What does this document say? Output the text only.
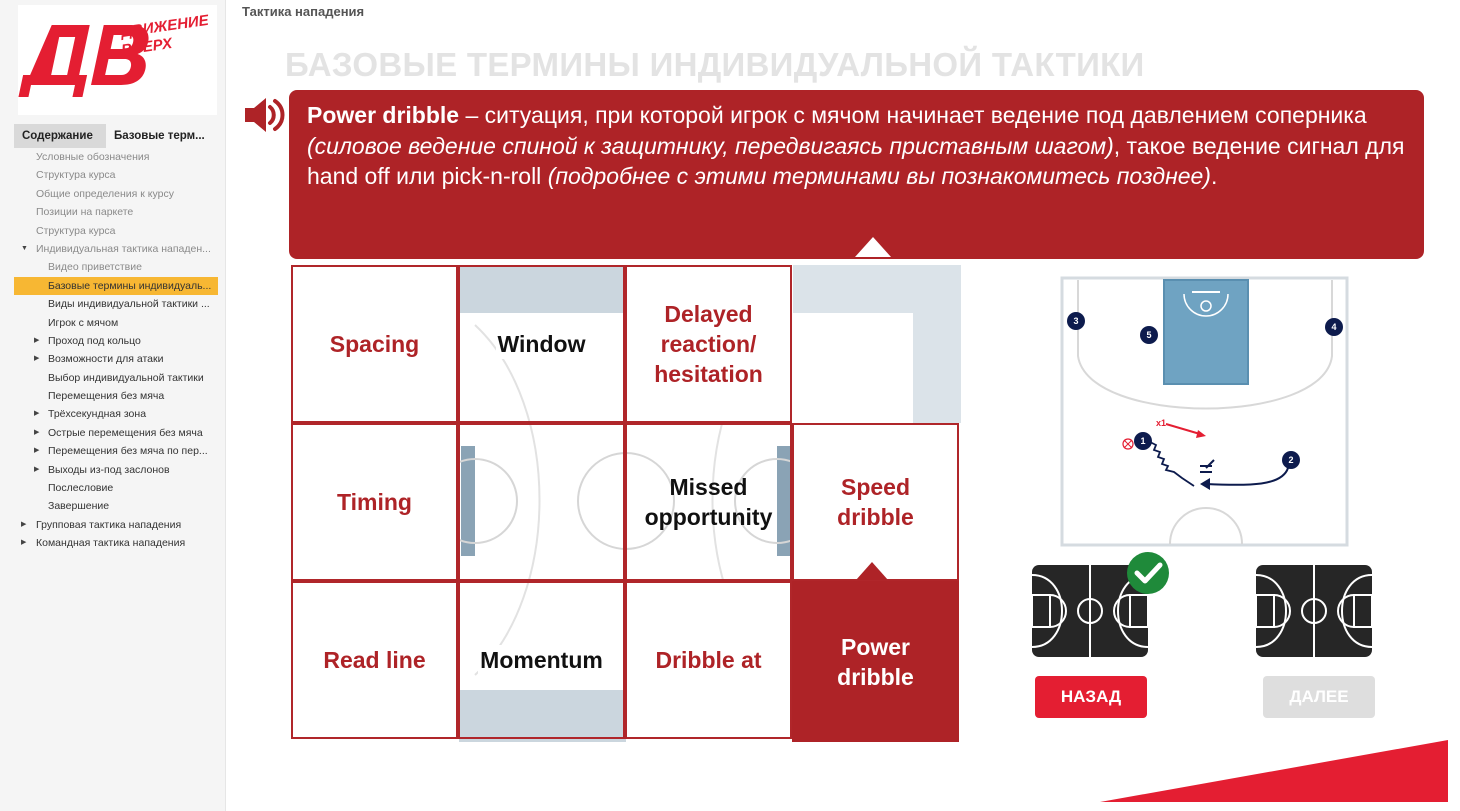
ДВИЖЕНИЕ
ВВЕРХ
Содержание	Базовые терм...
Условные обозначения
Структура курса
Общие определения к курсу
Позиции на паркете
Структура курса
▼ Индивидуальная тактика нападен...
Видео приветствие
Базовые термины индивидуаль...
Виды индивидуальной тактики ...
Игрок с мячом
▶ Проход под кольцо
▶ Возможности для атаки
Выбор индивидуальной тактики
Перемещения без мяча
▶ Трёхсекундная зона
▶ Острые перемещения без мяча
▶ Перемещения без мяча по пер...
▶ Выходы из-под заслонов
Послесловие
Завершение
▶ Групповая тактика нападения
▶ Командная тактика нападения
Тактика нападения
БАЗОВЫЕ ТЕРМИНЫ ИНДИВИДУАЛЬНОЙ ТАКТИКИ
Power dribble – ситуация, при которой игрок с мячом начинает ведение под давлением соперника (силовое ведение спиной к защитнику, передвигаясь приставным шагом), такое ведение сигнал для hand off или pick-n-roll (подробнее с этими терминами вы познакомитесь позднее).
Spacing	Window
Delayed reaction/ hesitation
Timing
Missed opportunity
Speed dribble
Read line	Momentum	Dribble at
Power dribble
x1
3
5
4
1
2
НАЗАД	ДАЛЕЕ
